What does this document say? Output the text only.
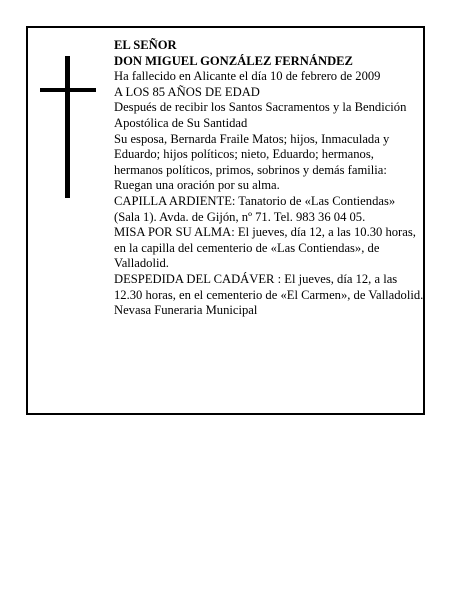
EL SEÑOR
DON MIGUEL GONZÁLEZ FERNÁNDEZ
Ha fallecido en Alicante el día 10 de febrero de 2009
A LOS 85 AÑOS DE EDAD

Después de recibir los Santos Sacramentos y la Bendición Apostólica de Su Santidad

Su esposa, Bernarda Fraile Matos; hijos, Inmaculada y Eduardo; hijos políticos; nieto, Eduardo; hermanos, hermanos políticos, primos, sobrinos y demás familia:

Ruegan una oración por su alma.

CAPILLA ARDIENTE: Tanatorio de «Las Contiendas» (Sala 1). Avda. de Gijón, nº 71. Tel. 983 36 04 05.

MISA POR SU ALMA: El jueves, día 12, a las 10.30 horas, en la capilla del cementerio de «Las Contiendas», de Valladolid.

DESPEDIDA DEL CADÁVER : El jueves, día 12, a las 12.30 horas, en el cementerio de «El Carmen», de Valladolid.

Nevasa Funeraria Municipal
